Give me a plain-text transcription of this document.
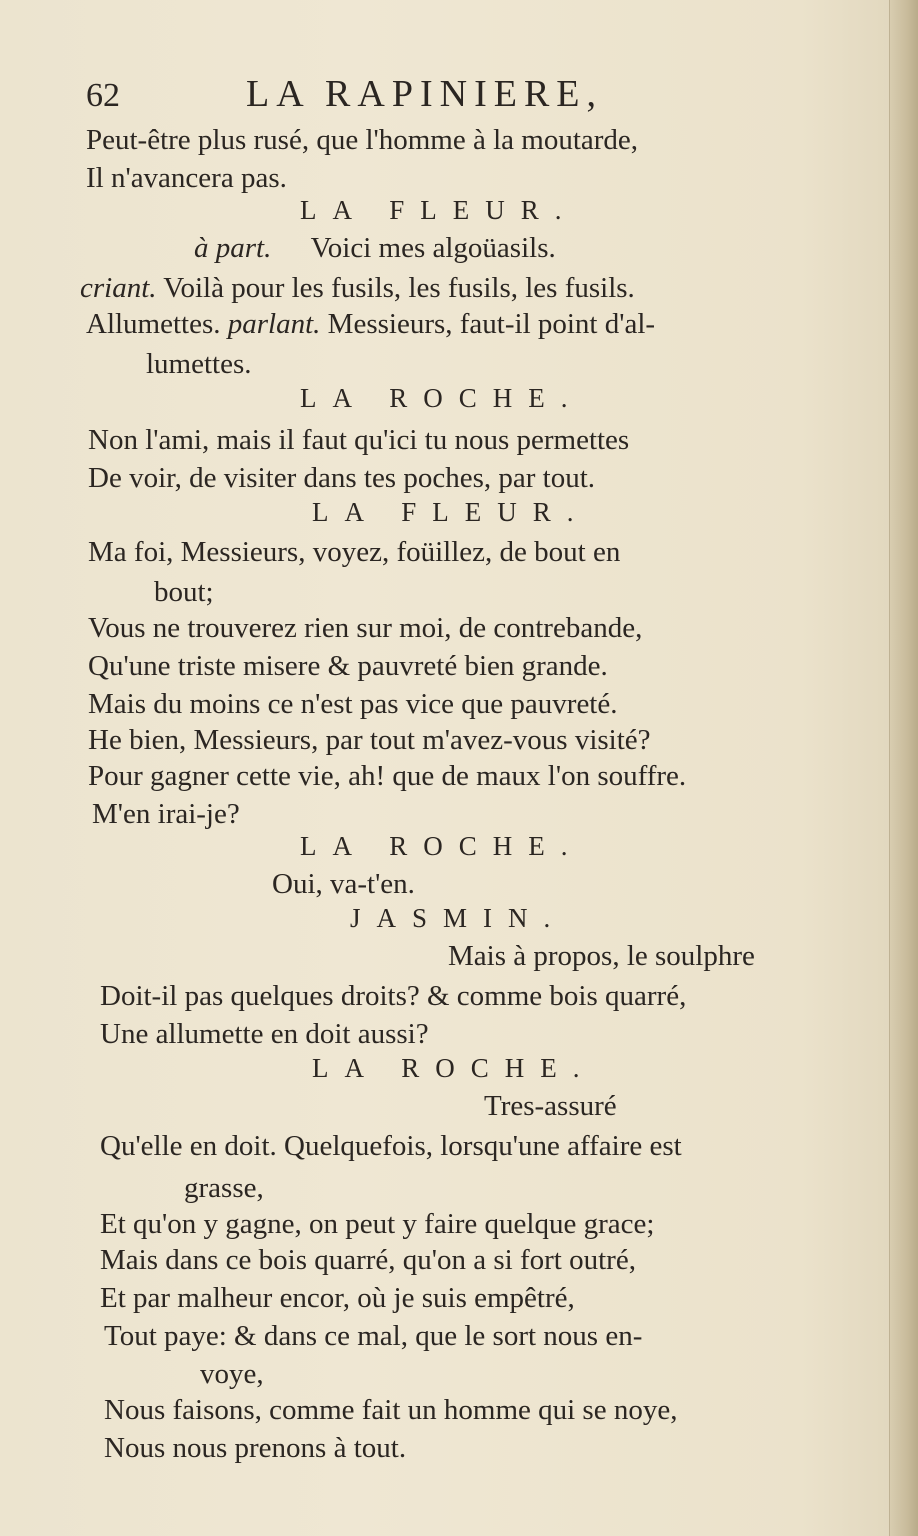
62	LA RAPINIERE,
Peut-être plus rusé, que l'homme à la moutarde,
Il n'avancera pas.
LA FLEUR.
à part. Voici mes algoüasils.
criant. Voilà pour les fusils, les fusils, les fusils.
Allumettes. parlant. Messieurs, faut-il point d'al-
lumettes.
LA ROCHE.
Non l'ami, mais il faut qu'ici tu nous permettes
De voir, de visiter dans tes poches, par tout.
LA FLEUR.
Ma foi, Messieurs, voyez, foüillez, de bout en
bout;
Vous ne trouverez rien sur moi, de contrebande,
Qu'une triste misere & pauvreté bien grande.
Mais du moins ce n'est pas vice que pauvreté.
He bien, Messieurs, par tout m'avez-vous visité?
Pour gagner cette vie, ah! que de maux l'on souffre.
M'en irai-je?
LA ROCHE.
Oui, va-t'en.
JASMIN.
Mais à propos, le soulphre
Doit-il pas quelques droits? & comme bois quarré,
Une allumette en doit aussi?
LA ROCHE.
Tres-assuré
Qu'elle en doit. Quelquefois, lorsqu'une affaire est
grasse,
Et qu'on y gagne, on peut y faire quelque grace;
Mais dans ce bois quarré, qu'on a si fort outré,
Et par malheur encor, où je suis empêtré,
Tout paye: & dans ce mal, que le sort nous en-
voye,
Nous faisons, comme fait un homme qui se noye,
Nous nous prenons à tout.
